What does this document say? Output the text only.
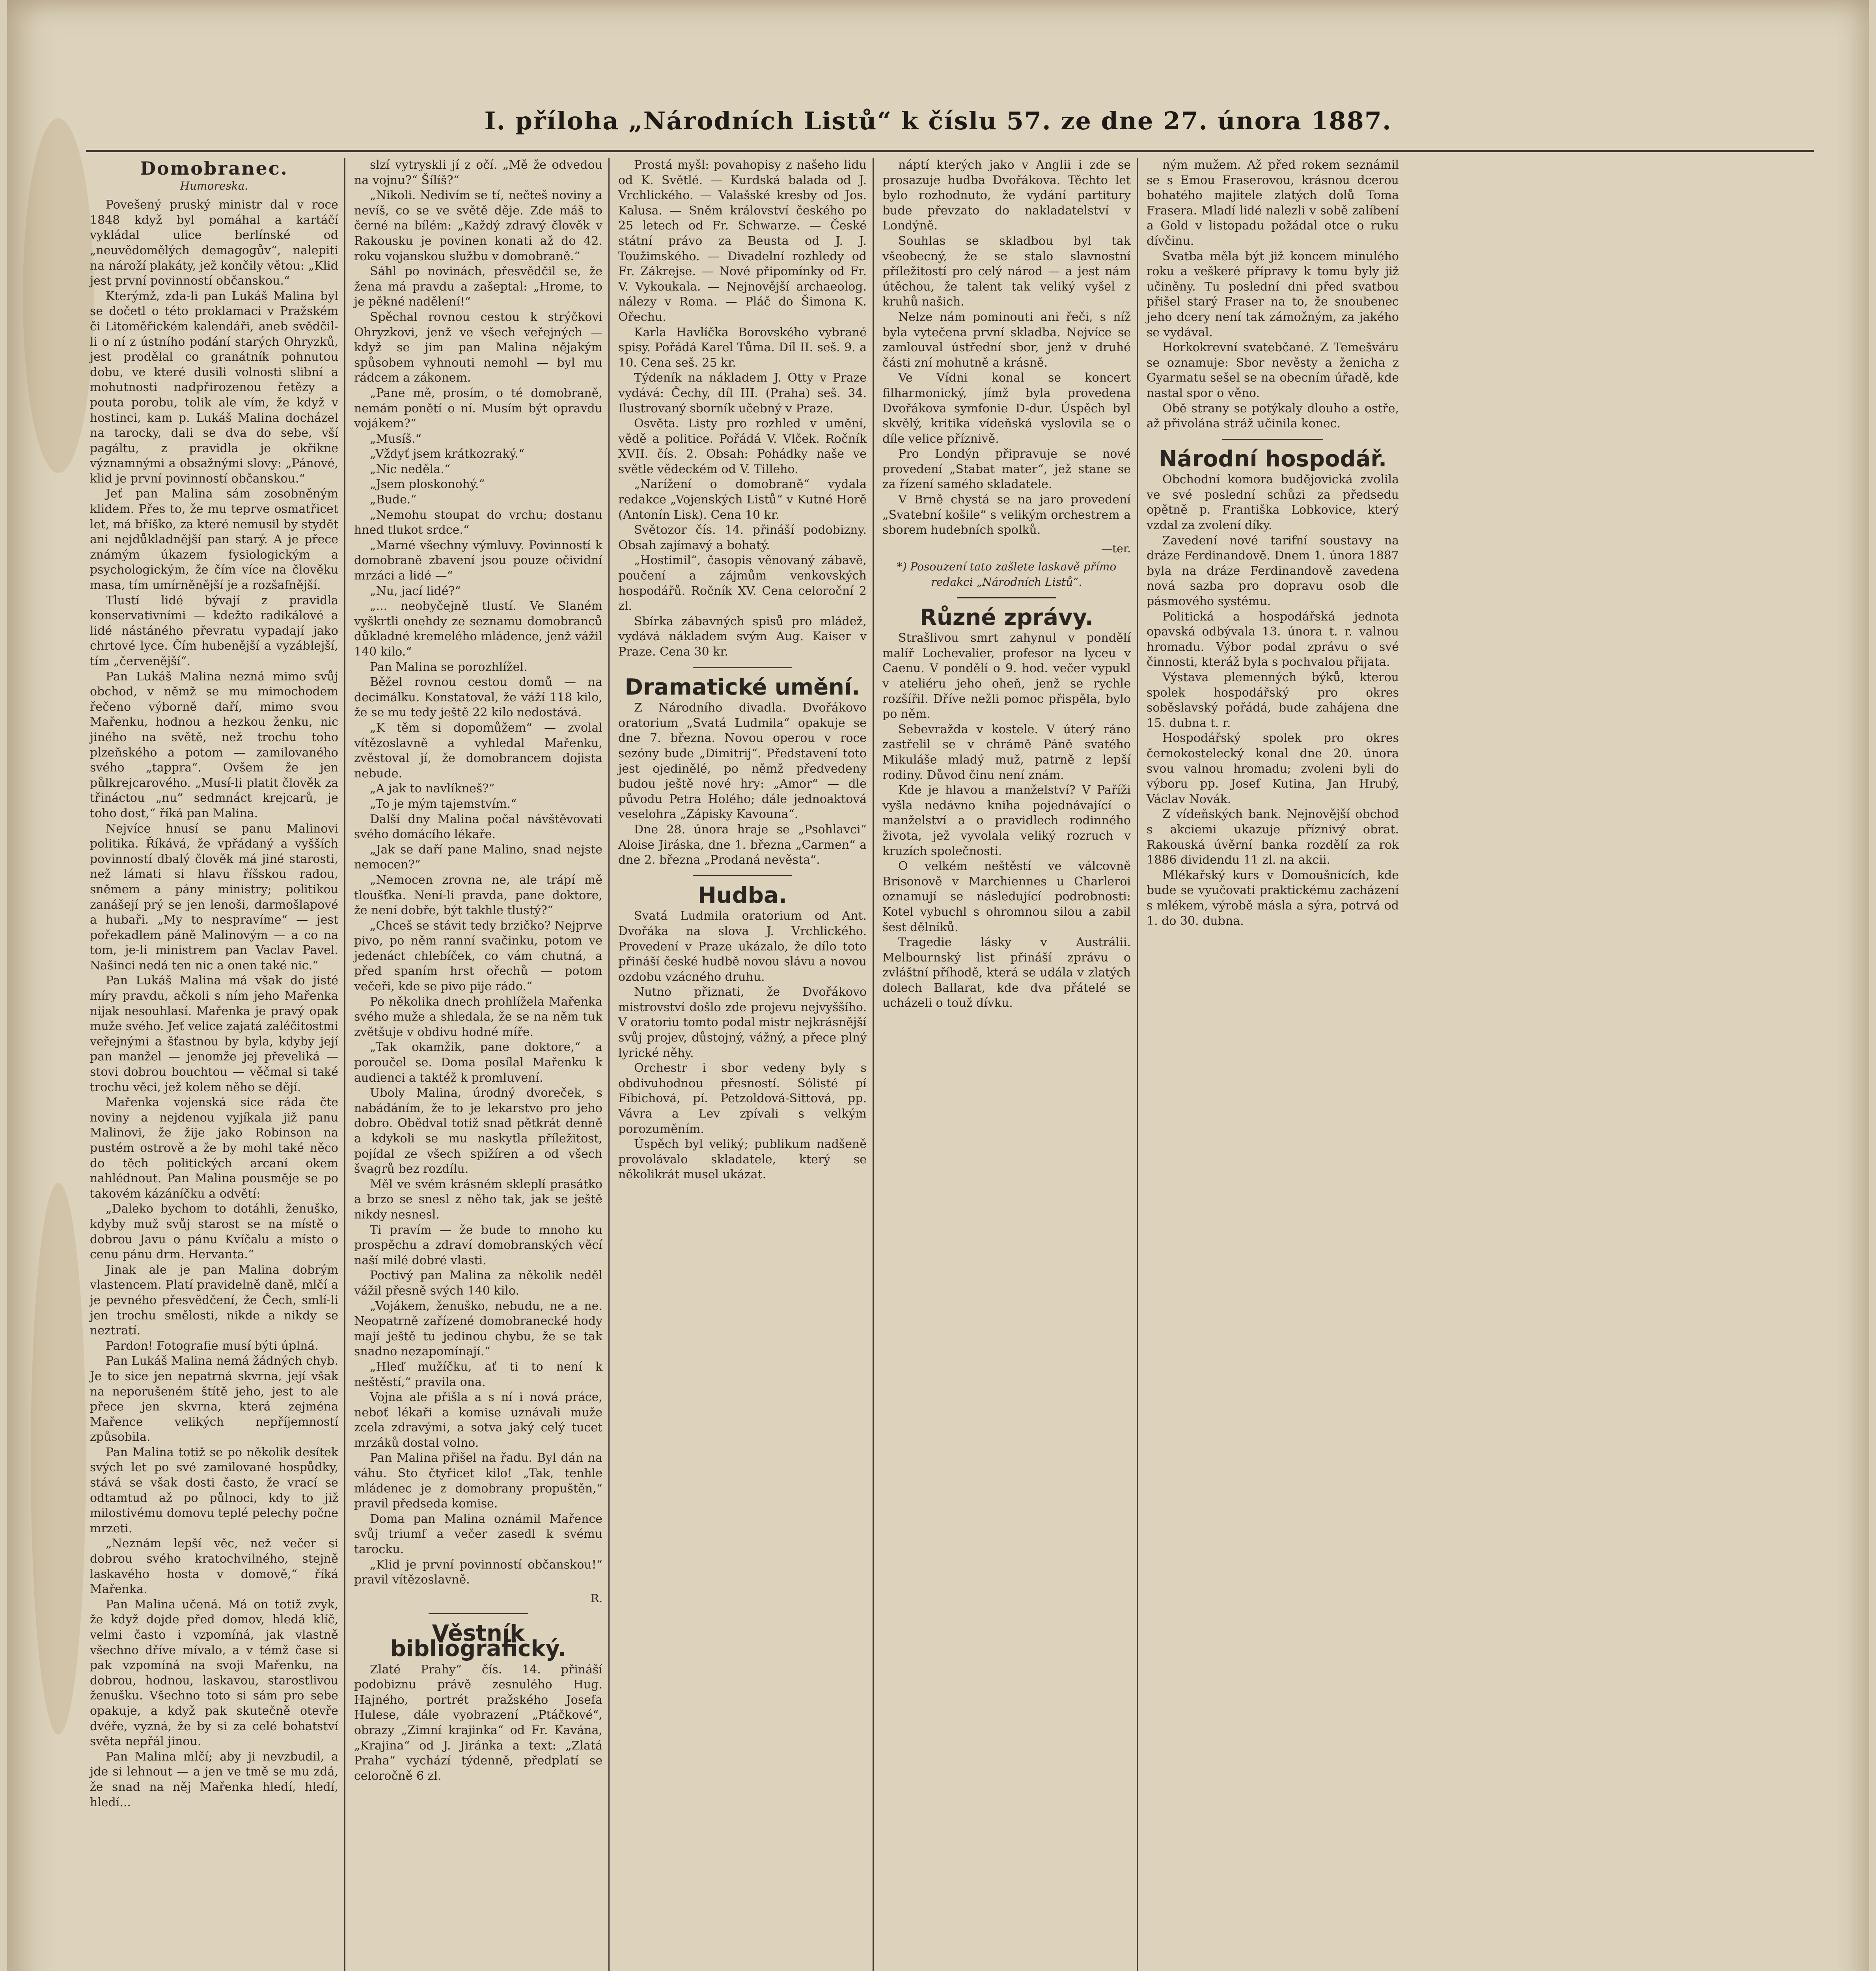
I. příloha „Národních Listů“ k číslu 57. ze dne 27. února 1887.
Domobranec.
Humoreska.

Povešený pruský ministr dal v roce 1848 když byl pomáhal a kartáčí vykládal ulice berlínské od „neuvědomělých demagogův“, nalepiti na nároží plakáty, jež končily větou: „Klid jest první povinností občanskou.“

Kterýmž, zda-li pan Lukáš Malina byl se dočetl o této proklamaci v Pražském či Litoměřickém kalendáři, aneb svědčil-li o ní z ústního podání starých Ohryzků, jest prodělal co granátník pohnutou dobu, ve které dusili volnosti slibní a mohutnosti nadpřirozenou řetězy a pouta porobu, tolik ale vím, že když v hostinci, kam p. Lukáš Malina docházel na tarocky, dali se dva do sebe, vší pagáltu, z pravidla je okřikne významnými a obsažnými slovy: „Pánové, klid je první povinností občanskou.“

Jeť pan Malina sám zosobněným klidem. Přes to, že mu teprve osmatřicet let, má bříško, za které nemusil by stydět ani nejdůkladnější pan starý. A je přece známým úkazem fysiologickým a psychologickým, že čím více na člověku masa, tím umírněnější je a rozšafnější.

Tlustí lidé bývají z pravidla konservativními — kdežto radikálové a lidé nástáného převratu vypadají jako chrtové lyce. Čím hubenější a vyzáblejší, tím „červenější“.

Pan Lukáš Malina nezná mimo svůj obchod, v němž se mu mimochodem řečeno výborně daří, mimo svou Mařenku, hodnou a hezkou ženku, nic jiného na světě, než trochu toho plzeňského a potom — zamilovaného svého „tappra“. Ovšem že jen půlkrejcarového. „Musí-li platit člověk za třináctou „nu“ sedmnáct krejcarů, je toho dost,“ říká pan Malina.

Nejvíce hnusí se panu Malinovi politika. Říkává, že vpřádaný a vyšších povinností dbalý člověk má jiné starosti, než lámati si hlavu říšskou radou, sněmem a pány ministry; politikou zanášejí prý se jen lenoši, darmošlapové a hubaři. „My to nespravíme“ — jest pořekadlem páně Malinovým — a co na tom, je-li ministrem pan Vaclav Pavel. Našinci nedá ten nic a onen také nic.“

Pan Lukáš Malina má však do jisté míry pravdu, ačkoli s ním jeho Mařenka nijak nesouhlasí. Mařenka je pravý opak muže svého. Jeť velice zajatá zaléčitostmi veřejnými a šťastnou by byla, kdyby její pan manžel — jenomže jej převeliká — stovi dobrou bouchtou — věčmal si také trochu věci, jež kolem něho se dějí.

Mařenka vojenská sice ráda čte noviny a nejdenou vyjíkala již panu Malinovi, že žije jako Robinson na pustém ostrově a že by mohl také něco do těch politických arcaní okem nahlédnout. Pan Malina pousměje se po takovém kázáníčku a odvětí:

„Daleko bychom to dotáhli, ženuško, kdyby muž svůj starost se na místě o dobrou Javu o pánu Kvíčalu a místo o cenu pánu drm. Hervanta.“

Jinak ale je pan Malina dobrým vlastencem. Platí pravidelně daně, mlčí a je pevného přesvědčení, že Čech, smlí-li jen trochu smělosti, nikde a nikdy se neztratí.

Pardon! Fotografie musí býti úplná.

Pan Lukáš Malina nemá žádných chyb. Je to sice jen nepatrná skvrna, její však na neporušeném štítě jeho, jest to ale přece jen skvrna, která zejména Mařence velikých nepříjemností způsobila.

Pan Malina totiž se po několik desítek svých let po své zamilované hospůdky, stává se však dosti často, že vrací se odtamtud až po půlnoci, kdy to již milostivému domovu teplé pelechy počne mrzeti.

„Neznám lepší věc, než večer si dobrou svého kratochvilného, stejně laskavého hosta v domově,“ říká Mařenka.

Pan Malina učená. Má on totiž zvyk, že když dojde před domov, hledá klíč, velmi často i vzpomíná, jak vlastně všechno dříve mívalo, a v témž čase si pak vzpomíná na svoji Mařenku, na dobrou, hodnou, laskavou, starostlivou ženušku. Všechno toto si sám pro sebe opakuje, a když pak skutečně otevře dvéře, vyzná, že by si za celé bohatství světa nepřál jinou.

Pan Malina mlčí; aby ji nevzbudil, a jde si lehnout — a jen ve tmě se mu zdá, že snad na něj Mařenka hledí, hledí, hledí...

slzí vytryskli jí z očí. „Mě že odvedou na vojnu?“ Šílíš?“

„Nikoli. Nedivím se tí, nečteš noviny a nevíš, co se ve světě děje. Zde máš to černé na bílém: „Každý zdravý člověk v Rakousku je povinen konati až do 42. roku vojanskou službu v domobraně.“

Sáhl po novinách, přesvědčil se, že žena má pravdu a zašeptal: „Hrome, to je pěkné nadělení!“

Spěchal rovnou cestou k strýčkovi Ohryzkovi, jenž ve všech veřejných — když se jim pan Malina nějakým spůsobem vyhnouti nemohl — byl mu rádcem a zákonem.

„Pane mě, prosím, o té domobraně, nemám ponětí o ní. Musím být opravdu vojákem?“

„Musíš.“

„Vždyť jsem krátkozraký.“

„Nic neděla.“

„Jsem ploskonohý.“

„Bude.“

„Nemohu stoupat do vrchu; dostanu hned tlukot srdce.“

„Marné všechny výmluvy. Povinností k domobraně zbavení jsou pouze očividní mrzáci a lidé —“

„Nu, jací lidé?“

„... neobyčejně tlustí. Ve Slaném vyškrtli onehdy ze seznamu domobranců důkladné kremelého mládence, jenž vážil 140 kilo.“

Pan Malina se porozhlížel.

Běžel rovnou cestou domů — na decimálku. Konstatoval, že váží 118 kilo, že se mu tedy ještě 22 kilo nedostává.

„K těm si dopomůžem“ — zvolal vítězoslavně a vyhledal Mařenku, zvěstoval jí, že domobrancem dojista nebude.

„A jak to navlíkneš?“

„To je mým tajemstvím.“

Další dny Malina počal návštěvovati svého domácího lékaře.

„Jak se daří pane Malino, snad nejste nemocen?“

„Nemocen zrovna ne, ale trápí mě tloušťka. Není-li pravda, pane doktore, že není dobře, být takhle tlustý?“

„Chceš se stávit tedy brzičko? Nejprve pivo, po něm ranní svačinku, potom ve jedenáct chlebíček, co vám chutná, a před spaním hrst ořechů — potom večeři, kde se pivo pije rádo.“

Po několika dnech prohlížela Mařenka svého muže a shledala, že se na něm tuk zvětšuje v obdivu hodné míře.

„Tak okamžik, pane doktore,“ a poroučel se. Doma posílal Mařenku k audienci a taktéž k promluvení.

Uboly Malina, úrodný dvoreček, s nabádáním, že to je lekarstvo pro jeho dobro. Obědval totiž snad pětkrát denně a kdykoli se mu naskytla příležitost, pojídal ze všech spižíren a od všech švagrů bez rozdílu.

Měl ve svém krásném skleplí prasátko a brzo se snesl z něho tak, jak se ještě nikdy nesnesl.

Ti pravím — že bude to mnoho ku prospěchu a zdraví domobranských věcí naší milé dobré vlasti.

Poctivý pan Malina za několik neděl vážil přesně svých 140 kilo.

„Vojákem, ženuško, nebudu, ne a ne. Neopatrně zařízené domobranecké hody mají ještě tu jedinou chybu, že se tak snadno nezapomínají.“

„Hleď mužíčku, ať ti to není k neštěstí,“ pravila ona.

Vojna ale přišla a s ní i nová práce, neboť lékaři a komise uznávali muže zcela zdravými, a sotva jaký celý tucet mrzáků dostal volno.

Pan Malina přišel na řadu. Byl dán na váhu. Sto čtyřicet kilo! „Tak, tenhle mládenec je z domobrany propuštěn,“ pravil předseda komise.

Doma pan Malina oznámil Mařence svůj triumf a večer zasedl k svému tarocku.

„Klid je první povinností občanskou!“ pravil vítězoslavně.

R.
Věstník bibliografický.

Zlaté Prahy“ čís. 14. přináší podobiznu právě zesnulého Hug. Hajného, portrét pražského Josefa Hulese, dále vyobrazení „Ptáčkové“, obrazy „Zimní krajinka“ od Fr. Kavána, „Krajina“ od J. Jiránka a text: „Zlatá Praha“ vychází týdenně, předplatí se celoročně 6 zl.

Prostá myšl: povahopisy z našeho lidu od K. Světlé. — Kurdská balada od J. Vrchlického. — Valašské kresby od Jos. Kalusa. — Sněm království českého po 25 letech od Fr. Schwarze. — České státní právo za Beusta od J. J. Toužimského. — Divadelní rozhledy od Fr. Zákrejse. — Nové připomínky od Fr. V. Vykoukala. — Nejnovější archaeolog. nálezy v Roma. — Pláč do Šimona K. Ořechu.

Karla Havlíčka Borovského vybrané spisy. Pořádá Karel Tůma. Díl II. seš. 9. a 10. Cena seš. 25 kr.

Týdeník na nákladem J. Otty v Praze vydává: Čechy, díl III. (Praha) seš. 34. Ilustrovaný sborník učebný v Praze.

Osvěta. Listy pro rozhled v umění, vědě a politice. Pořádá V. Vlček. Ročník XVII. čís. 2. Obsah: Pohádky naše ve světle vědeckém od V. Tilleho.

„Narížení o domobraně“ vydala redakce „Vojenských Listů“ v Kutné Horě (Antonín Lisk). Cena 10 kr.

Světozor čís. 14. přináší podobizny. Obsah zajímavý a bohatý.

„Hostimil“, časopis věnovaný zábavě, poučení a zájmům venkovských hospodářů. Ročník XV. Cena celoroční 2 zl.

Sbírka zábavných spisů pro mládež, vydává nákladem svým Aug. Kaiser v Praze. Cena 30 kr.

Dramatické umění.

Z Národního divadla. Dvořákovo oratorium „Svatá Ludmila“ opakuje se dne 7. března. Novou operou v roce sezóny bude „Dimitrij“. Představení toto jest ojedinělé, po němž předvedeny budou ještě nové hry: „Amor“ — dle původu Petra Holého; dále jednoaktová veselohra „Zápisky Kavouna“.

Dne 28. února hraje se „Psohlavci“ Aloise Jiráska, dne 1. března „Carmen“ a dne 2. března „Prodaná nevěsta“.

Hudba.

Svatá Ludmila oratorium od Ant. Dvořáka na slova J. Vrchlického. Provedení v Praze ukázalo, že dílo toto přináší české hudbě novou slávu a novou ozdobu vzácného druhu.

Nutno přiznati, že Dvořákovo mistrovství došlo zde projevu nejvyššího. V oratoriu tomto podal mistr nejkrásnější svůj projev, důstojný, vážný, a přece plný lyrické něhy.

Orchestr i sbor vedeny byly s obdivuhodnou přesností. Sólisté pí Fibichová, pí. Petzoldová-Sittová, pp. Vávra a Lev zpívali s velkým porozuměním.

Úspěch byl veliký; publikum nadšeně provolávalo skladatele, který se několikrát musel ukázat.

náptí kterých jako v Anglii i zde se prosazuje hudba Dvořákova. Těchto let bylo rozhodnuto, že vydání partitury bude převzato do nakladatelství v Londýně.

Souhlas se skladbou byl tak všeobecný, že se stalo slavnostní příležitostí pro celý národ — a jest nám útěchou, že talent tak veliký vyšel z kruhů našich.

Nelze nám pominouti ani řeči, s níž byla vytečena první skladba. Nejvíce se zamlouval ústřední sbor, jenž v druhé části zní mohutně a krásně.

Ve Vídni konal se koncert filharmonický, jímž byla provedena Dvořákova symfonie D-dur. Úspěch byl skvělý, kritika vídeňská vyslovila se o díle velice příznivě.

Pro Londýn připravuje se nové provedení „Stabat mater“, jež stane se za řízení samého skladatele.

V Brně chystá se na jaro provedení „Svatební košile“ s velikým orchestrem a sborem hudebních spolků.

—ter.
*) Posouzení tato zašlete laskavě přímo redakci „Národních Listů“.
Různé zprávy.

Strašlivou smrt zahynul v pondělí malíř Lochevalier, profesor na lyceu v Caenu. V pondělí o 9. hod. večer vypukl v ateliéru jeho oheň, jenž se rychle rozšířil. Dříve nežli pomoc přispěla, bylo po něm.

Sebevražda v kostele. V úterý ráno zastřelil se v chrámě Páně svatého Mikuláše mladý muž, patrně z lepší rodiny. Důvod činu není znám.

Kde je hlavou a manželství? V Paříži vyšla nedávno kniha pojednávající o manželství a o pravidlech rodinného života, jež vyvolala veliký rozruch v kruzích společnosti.

O velkém neštěstí ve válcovně Brisonově v Marchiennes u Charleroi oznamují se následující podrobnosti: Kotel vybuchl s ohromnou silou a zabil šest dělníků.

Tragedie lásky v Austrálii. Melbournský list přináší zprávu o zvláštní příhodě, která se udála v zlatých dolech Ballarat, kde dva přátelé se ucházeli o touž dívku.

ným mužem. Až před rokem seznámil se s Emou Fraserovou, krásnou dcerou bohatého majitele zlatých dolů Toma Frasera. Mladí lidé nalezli v sobě zalíbení a Gold v listopadu požádal otce o ruku dívčinu.

Svatba měla být již koncem minulého roku a veškeré přípravy k tomu byly již učiněny. Tu poslední dni před svatbou přišel starý Fraser na to, že snoubenec jeho dcery není tak zámožným, za jakého se vydával.

Horkokrevní svatebčané. Z Temešváru se oznamuje: Sbor nevěsty a ženicha z Gyarmatu sešel se na obecním úřadě, kde nastal spor o věno.

Obě strany se potýkaly dlouho a ostře, až přivolána stráž učinila konec.

Národní hospodář.

Obchodní komora budějovická zvolila ve své poslední schůzi za předsedu opětně p. Františka Lobkovice, který vzdal za zvolení díky.

Zavedení nové tarifní soustavy na dráze Ferdinandově. Dnem 1. února 1887 byla na dráze Ferdinandově zavedena nová sazba pro dopravu osob dle pásmového systému.

Politická a hospodářská jednota opavská odbývala 13. února t. r. valnou hromadu. Výbor podal zprávu o své činnosti, kteráž byla s pochvalou přijata.

Výstava plemenných býků, kterou spolek hospodářský pro okres soběslavský pořádá, bude zahájena dne 15. dubna t. r.

Hospodářský spolek pro okres černokostelecký konal dne 20. února svou valnou hromadu; zvoleni byli do výboru pp. Josef Kutina, Jan Hrubý, Václav Novák.

Z vídeňských bank. Nejnovější obchod s akciemi ukazuje příznivý obrat. Rakouská úvěrní banka rozdělí za rok 1886 dividendu 11 zl. na akcii.

Mlékařský kurs v Domoušnicích, kde bude se vyučovati praktickému zacházení s mlékem, výrobě másla a sýra, potrvá od 1. do 30. dubna.
